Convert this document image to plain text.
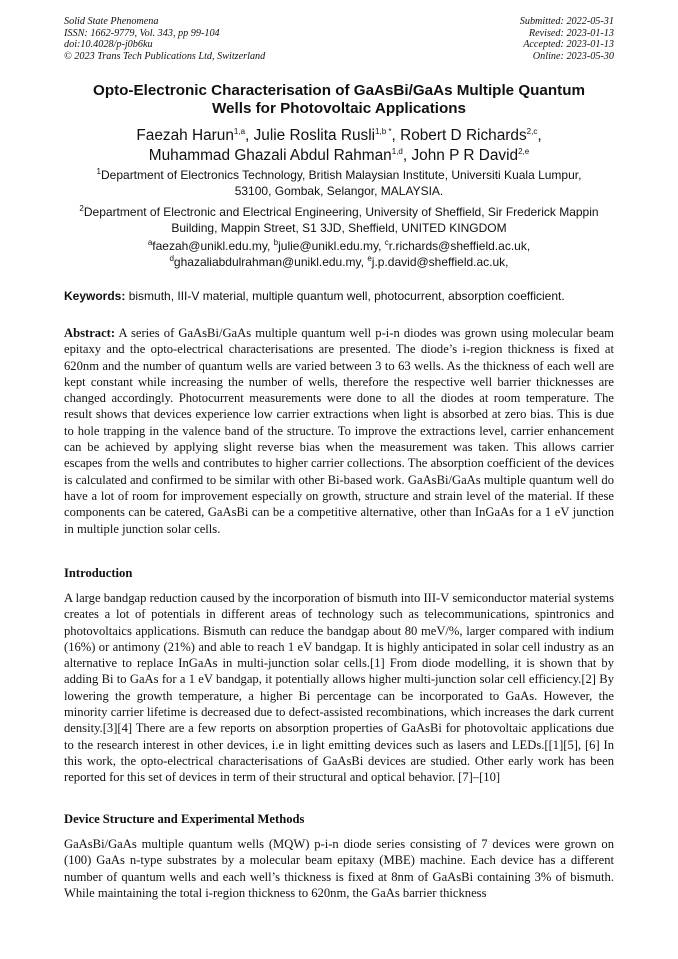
Solid State Phenomena
ISSN: 1662-9779, Vol. 343, pp 99-104
doi:10.4028/p-j0b6ku
© 2023 Trans Tech Publications Ltd, Switzerland
Submitted: 2022-05-31
Revised: 2023-01-13
Accepted: 2023-01-13
Online: 2023-05-30
Opto-Electronic Characterisation of GaAsBi/GaAs Multiple Quantum
Wells for Photovoltaic Applications
Faezah Harun$^{1,a}$, Julie Roslita Rusli$^{1,b *}$, Robert D Richards$^{2,c}$,
Muhammad Ghazali Abdul Rahman$^{1,d}$, John P R David$^{2,e}$
$^1$Department of Electronics Technology, British Malaysian Institute, Universiti Kuala Lumpur,
53100, Gombak, Selangor, MALAYSIA.
$^2$Department of Electronic and Electrical Engineering, University of Sheffield, Sir Frederick Mappin
Building, Mappin Street, S1 3JD, Sheffield, UNITED KINGDOM
$^a$faezah@unikl.edu.my, $^b$julie@unikl.edu.my, $^c$r.richards@sheffield.ac.uk,
$^d$ghazaliabdulrahman@unikl.edu.my, $^e$j.p.david@sheffield.ac.uk,
Keywords: bismuth, III-V material, multiple quantum well, photocurrent, absorption coefficient.
Abstract: A series of GaAsBi/GaAs multiple quantum well p-i-n diodes was grown using molecular beam epitaxy and the opto-electrical characterisations are presented. The diode’s i-region thickness is fixed at 620nm and the number of quantum wells are varied between 3 to 63 wells. As the thickness of each well are kept constant while increasing the number of wells, therefore the respective well barrier thicknesses are changed accordingly. Photocurrent measurements were done to all the diodes at room temperature. The result shows that devices experience low carrier extractions when light is absorbed at zero bias. This is due to hole trapping in the valence band of the structure. To improve the extractions level, carrier enhancement can be achieved by applying slight reverse bias when the measurement was taken. This allows carrier escapes from the wells and contributes to higher carrier collections. The absorption coefficient of the devices is calculated and confirmed to be similar with other Bi-based work. GaAsBi/GaAs multiple quantum well do have a lot of room for improvement especially on growth, structure and strain level of the material. If these components can be catered, GaAsBi can be a competitive alternative, other than InGaAs for a 1 eV junction in multiple junction solar cells.
Introduction
A large bandgap reduction caused by the incorporation of bismuth into III-V semiconductor material systems creates a lot of potentials in different areas of technology such as telecommunications, spintronics and photovoltaics applications. Bismuth can reduce the bandgap about 80 meV/%, larger compared with indium (16%) or antimony (21%) and able to reach 1 eV bandgap. It is highly anticipated in solar cell industry as an alternative to replace InGaAs in multi-junction solar cells.[1] From diode modelling, it is shown that by adding Bi to GaAs for a 1 eV bandgap, it potentially allows higher multi-junction solar cell efficiency.[2] By lowering the growth temperature, a higher Bi percentage can be incorporated to GaAs. However, the minority carrier lifetime is decreased due to defect-assisted recombinations, which increases the dark current density.[3][4] There are a few reports on absorption properties of GaAsBi for photovoltaic applications due to the research interest in other devices, i.e in light emitting devices such as lasers and LEDs.[[1][5], [6] In this work, the opto-electrical characterisations of GaAsBi devices are studied. Other early work has been reported for this set of devices in term of their structural and optical behavior. [7]–[10]
Device Structure and Experimental Methods
GaAsBi/GaAs multiple quantum wells (MQW) p-i-n diode series consisting of 7 devices were grown on (100) GaAs n-type substrates by a molecular beam epitaxy (MBE) machine. Each device has a different number of quantum wells and each well’s thickness is fixed at 8nm of GaAsBi containing 3% of bismuth. While maintaining the total i-region thickness to 620nm, the GaAs barrier thickness
